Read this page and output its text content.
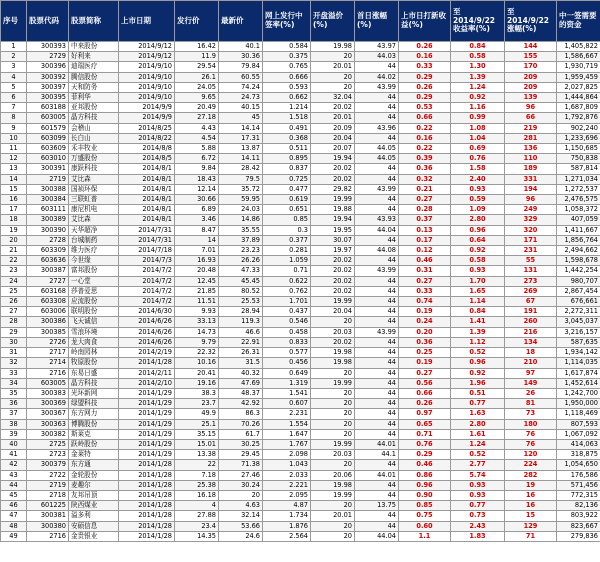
序号	股票代码	股票简称	上市日期	发行价	最新价	网上发行中签率(%)	开盘溢价(%)	首日涨幅(%)	上市日打新收益(%)	至2014/9/22收益率(%)	至2014/9/22涨幅(%)	中一签需要的资金
1	300393	中来股份	2014/9/12	16.42	40.1	0.584	19.98	43.97	0.26	0.84	144	1,405,822
2	2729	好利来	2014/9/12	11.9	30.36	0.375	20	44.03	0.16	0.58	155	1,586,667
3	300396	迪瑞医疗	2014/9/10	29.54	79.84	0.765	20.01	44	0.33	1.30	170	1,930,719
4	300392	腾信股份	2014/9/10	26.1	60.55	0.666	20	44.02	0.29	1.39	209	1,959,459
5	300397	天和防务	2014/9/10	24.05	74.24	0.593	20	43.99	0.26	1.24	209	2,027,825
6	300395	菲利华	2014/9/10	9.65	24.73	0.662	32.04	44	0.29	0.92	139	1,444,864
7	603188	亚邦股份	2014/9/9	20.49	40.15	1.214	20.02	44	0.53	1.16	96	1,687,809
8	603005	晶方科技	2014/9/9	27.18	45	1.518	20.01	44	0.66	0.99	66	1,792,876
9	601579	会稽山	2014/8/25	4.43	14.14	0.491	20.09	43.96	0.22	1.08	219	902,240
10	603099	长白山	2014/8/22	4.54	17.31	0.368	20.04	44	0.16	1.04	281	1,233,696
11	603609	禾丰牧业	2014/8/8	5.88	13.87	0.511	20.07	44.05	0.22	0.69	136	1,150,685
12	603010	万盛股份	2014/8/5	6.72	14.11	0.895	19.94	44.05	0.39	0.76	110	750,838
13	300391	康跃科技	2014/8/1	9.84	28.42	0.837	20.02	44	0.36	1.58	189	587,814
14	2719	艾比森	2014/8/1	18.43	79.5	0.725	20.02	44	0.32	2.40	331	1,271,034
15	300388	国祯环保	2014/8/1	12.14	35.72	0.477	29.82	43.99	0.21	0.93	194	1,272,537
16	300384	三联虹普	2014/8/1	30.66	59.95	0.619	19.99	44	0.27	0.59	96	2,476,575
17	603111	康尼机电	2014/8/1	6.89	24.03	0.651	19.88	44	0.28	1.09	249	1,058,372
18	300389	艾比森	2014/8/1	3.46	14.86	0.85	19.94	43.93	0.37	2.80	329	407,059
19	300390	天华超净	2014/7/31	8.47	35.55	0.3	19.95	44.04	0.13	0.96	320	1,411,667
20	2728	台城制药	2014/7/31	14	37.89	0.377	30.07	44	0.17	0.64	171	1,856,764
21	603309	维力医疗	2014/7/18	7.01	23.23	0.281	19.97	44.08	0.12	0.92	231	2,494,662
22	603636	今世缘	2014/7/3	16.93	26.26	1.059	20.02	44	0.46	0.58	55	1,598,678
23	300387	富邦股份	2014/7/2	20.48	47.33	0.71	20.02	43.99	0.31	0.93	131	1,442,254
24	2727	一心堂	2014/7/2	12.45	45.45	0.622	20.02	44	0.27	1.70	273	980,707
25	603168	莎普爱思	2014/7/2	21.85	80.52	0.762	20.02	44	0.33	1.65	269	2,867,454
26	603308	应流股份	2014/7/2	11.51	25.53	1.701	19.99	44	0.74	1.14	67	676,661
27	603006	联明股份	2014/6/30	9.93	28.94	0.437	20.04	44	0.19	0.84	191	2,272,311
28	300386	飞天诚信	2014/6/26	33.13	119.3	0.546	20	44	0.24	1.41	260	3,045,037
29	300385	雪浪环境	2014/6/26	14.73	46.6	0.458	20.03	43.99	0.20	1.39	216	3,216,157
30	2726	龙大肉食	2014/6/26	9.79	22.91	0.833	20.02	44	0.36	1.12	134	587,635
31	2717	岭南园林	2014/2/19	22.32	26.31	0.577	19.98	44	0.25	0.52	18	1,934,142
32	2714	牧原股份	2014/1/28	10.16	31.5	0.456	19.98	44	0.19	0.96	210	1,114,035
33	2716	东易日盛	2014/2/11	20.41	40.32	0.649	20	44	0.27	0.92	97	1,617,874
34	603005	晶方科技	2014/2/10	19.16	47.69	1.319	19.99	44	0.56	1.96	149	1,452,614
35	300383	光环新网	2014/1/29	38.3	48.37	1.541	20	44	0.66	0.51	26	1,242,700
36	300369	绿盟科技	2014/1/29	23.7	42.92	0.607	20	44	0.26	0.77	81	1,950,000
37	300367	东方网力	2014/1/29	49.9	86.3	2.231	20	44	0.97	1.63	73	1,118,469
38	300363	博腾股份	2014/1/29	25.1	70.26	1.554	20	44	0.65	2.80	180	807,593
39	300382	斯莱克	2014/1/29	35.15	61.7	1.647	20	44	0.71	1.61	76	1,067,092
40	2725	跃岭股份	2014/1/29	15.01	30.25	1.767	19.99	44.01	0.76	1.24	76	414,063
41	2723	金莱特	2014/1/29	13.38	29.45	2.098	20.03	44.1	0.29	0.52	120	318,875
42	300379	东方通	2014/1/28	22	71.38	1.043	20	44	0.46	2.77	224	1,054,650
43	2722	金轮股份	2014/1/28	7.18	27.46	2.033	20.06	44.01	0.86	5.74	282	176,586
44	2719	麦趣尔	2014/1/28	25.38	30.24	2.221	19.98	44	0.96	0.93	19	571,456
45	2718	友邦吊顶	2014/1/28	16.18	20	2.095	19.99	44	0.90	0.93	16	772,315
46	601225	陕西煤业	2014/1/28	4	4.63	4.87	20	13.75	0.85	0.77	16	82,136
47	300381	溢多利	2014/1/28	27.88	32.14	1.734	20.01	44	0.75	0.73	15	803,922
48	300380	安硕信息	2014/1/28	23.4	53.66	1.876	20	44	0.60	2.43	129	823,667
49	2716	金贵银业	2014/1/28	14.35	24.6	2.564	20	44.04	1.1	1.83	71	279,836
